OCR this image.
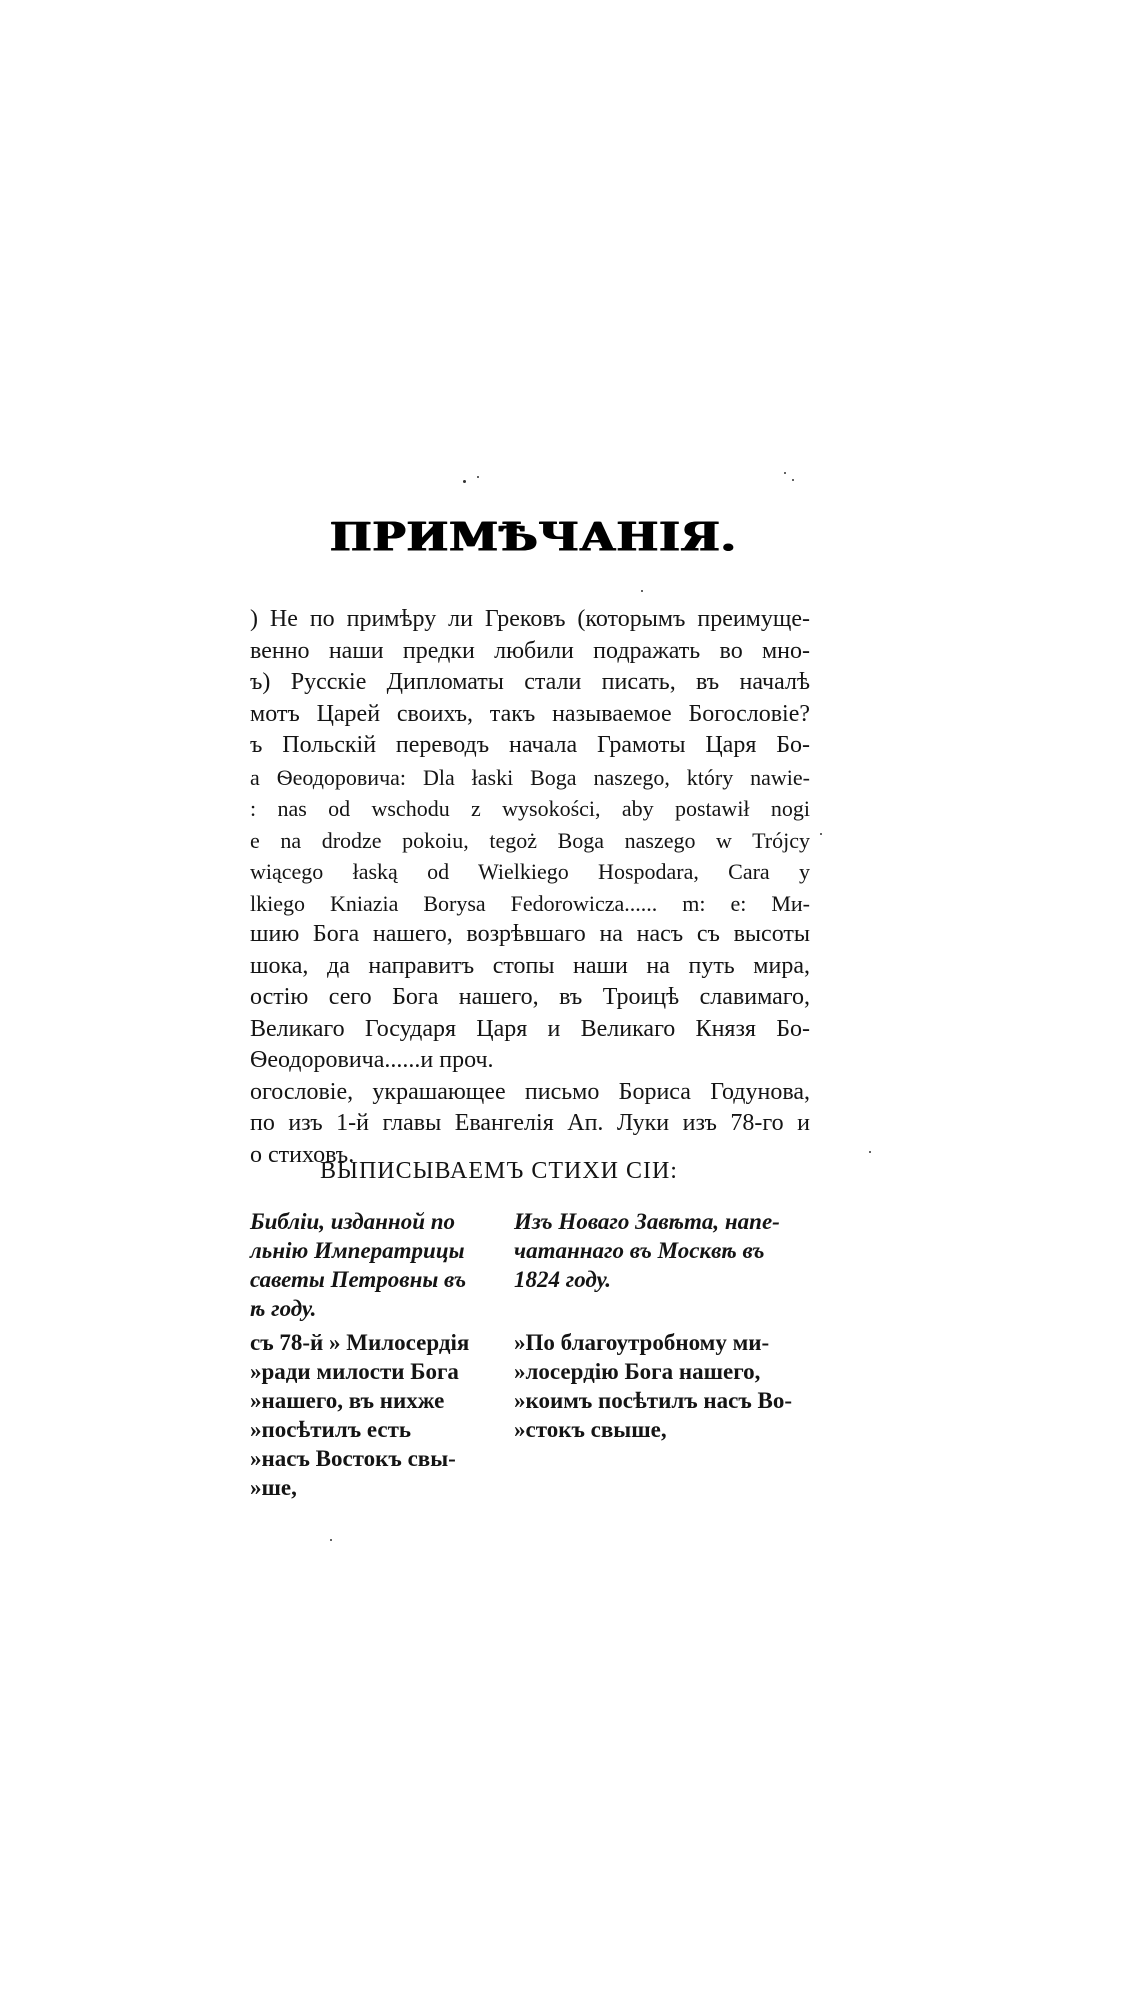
ПРИМѢЧАНІЯ.
) Не по примѣру ли Грековъ (которымъ преимуще-
венно наши предки любили подражать во мно-
ъ) Русскіе Дипломаты стали писать, въ началѣ
мотъ Царей своихъ, такъ называемое Богословіе?
ъ Польскій переводъ начала Грамоты Царя Бо-
а Ѳеодоровича: Dla łaski Boga naszego, który nawie-
: nas od wschodu z wysokości, aby postawił nogi
e na drodze pokoiu, tegoż Boga naszego w Trójcy
wiącego łaską od Wielkiego Hospodara, Cara y
lkiego Kniazia Borysa Fedorowicza...... m: e: Ми-
шию Бога нашего, возрѣвшаго на насъ съ высоты
шока, да направитъ стопы наши на путь мира,
остію сего Бога нашего, въ Троицѣ славимаго,
Великаго Государя Царя и Великаго Князя Бо-
Ѳеодоровича......и проч.
огословіе, украшающее письмо Бориса Годунова,
по изъ 1-й главы Евангелія Ап. Луки изъ 78-го и
о стиховъ.
ВЫПИСЫВАЕМЪ СТИХИ СІИ:
Библіи, изданной по
льнію Императрицы
саветы Петровны въ
ѣ году.
Изъ Новаго Завѣта, напе-
чатаннаго въ Москвѣ въ
1824 году.
съ 78-й » Милосердія
»ради милости Бога
»нашего, въ нихже
»посѣтилъ есть
»насъ Востокъ свы-
»ше,
»По благоутробному ми-
»лосердію Бога нашего,
»коимъ посѣтилъ насъ Во-
»стокъ свыше,
